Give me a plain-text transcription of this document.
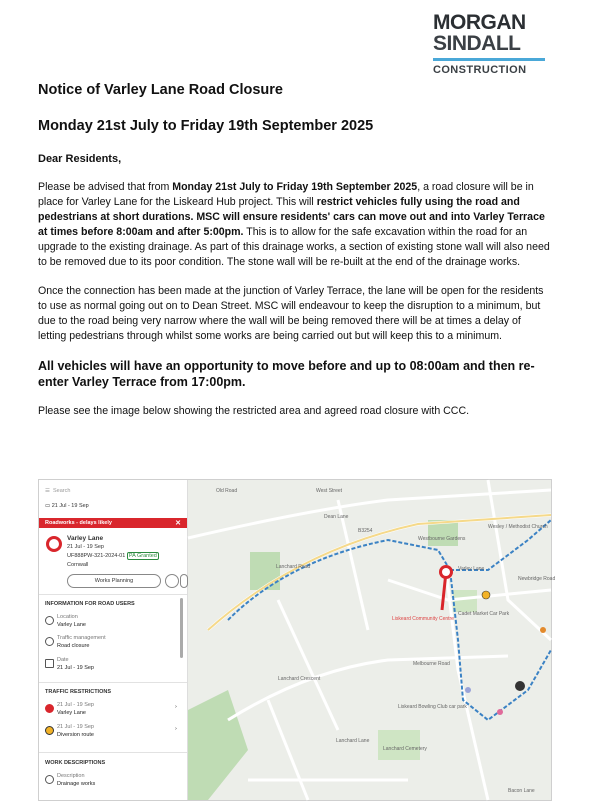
MORGAN
SINDALL
CONSTRUCTION
Notice of Varley Lane Road Closure
Monday 21st July to Friday 19th September 2025

Dear Residents,

Please be advised that from Monday 21st July to Friday 19th September 2025, a road closure will be in place for Varley Lane for the Liskeard Hub project. This will restrict vehicles fully using the road and pedestrians at short durations. MSC will ensure residents' cars can move out and into Varley Terrace at times before 8:00am and after 5:00pm. This is to allow for the safe excavation within the road for an upgrade to the existing drainage. As part of this drainage works, a section of existing stone wall will also need to be removed due to its poor condition. The stone wall will be re-built at the end of the drainage works.

Once the connection has been made at the junction of Varley Terrace, the lane will be open for the residents to use as normal going out on to Dean Street. MSC will endeavour to keep the disruption to a minimum, but due to the road being very narrow where the wall will be being removed there will be at times a delay of letting pedestrians through whilst some works are being carried out but will keep this to a minimum.

All vehicles will have an opportunity to move before and up to 08:00am and then re-enter Varley Terrace from 17:00pm.

Please see the image below showing the restricted area and agreed road closure with CCC.

☰  Search
▭ 21 Jul - 19 Sep
Roadworks - delays likely	✕
Varley Lane
21 Jul - 19 Sep
UF888PW-321-2024-01 PA Granted
Cornwall
Works Planning
INFORMATION FOR ROAD USERS
Location
Varley Lane
Traffic management
Road closure
Date
21 Jul - 19 Sep
TRAFFIC RESTRICTIONS
21 Jul - 19 Sep
Varley Lane
›
21 Jul - 19 Sep
Diversion route
›
WORK DESCRIPTIONS
Description
Drainage works
Old Road	West Street
Dean Lane
B3254
Westbourne Gardens
Wesley / Methodist Church
Varley Lane
Lanchard Road
Liskeard Community Centre
Cadet Market Car Park
Melbourne Road
Liskeard Bowling Club car park
Lanchard Cemetery
Lanchard Lane
Lanchard Crescent
Newbridge Road
Bacon Lane
